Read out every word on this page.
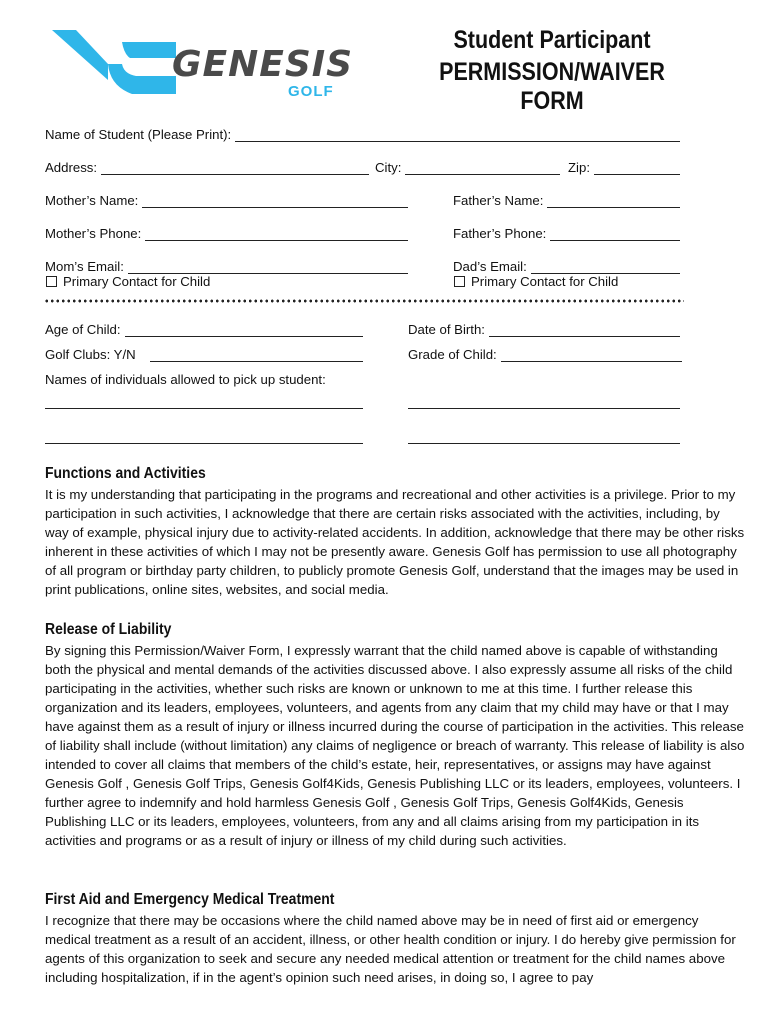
GENESIS
GOLF
Student Participant
PERMISSION/WAIVER FORM
Name of Student (Please Print):
Address:	City:	Zip:
Mother’s Name:	Father’s Name:
Mother’s Phone:	Father’s Phone:
Mom’s Email:	Dad’s Email:
Primary Contact for Child	Primary Contact for Child
Age of Child:	Date of Birth:
Golf Clubs: Y/N	Grade of Child:
Names of individuals allowed to pick up student:
Functions and Activities

It is my understanding that participating in the programs and recreational and other activities is a privilege. Prior to my participation in such activities, I acknowledge that there are certain risks associated with the activities, including, by way of example, physical injury due to activity-related accidents. In addition, acknowledge that there may be other risks inherent in these activities of which I may not be presently aware. Genesis Golf has permission to use all photography of all program or birthday party children, to publicly promote Genesis Golf, understand that the images may be used in print publications, online sites, websites, and social media.

Release of Liability

By signing this Permission/Waiver Form, I expressly warrant that the child named above is capable of withstanding both the physical and mental demands of the activities discussed above. I also expressly assume all risks of the child participating in the activities, whether such risks are known or unknown to me at this time. I further release this organization and its leaders, employees, volunteers, and agents from any claim that my child may have or that I may have against them as a result of injury or illness incurred during the course of participation in the activities. This release of liability shall include (without limitation) any claims of negligence or breach of warranty. This release of liability is also intended to cover all claims that members of the child’s estate, heir, representatives, or assigns may have against Genesis Golf , Genesis Golf Trips, Genesis Golf4Kids, Genesis Publishing LLC or its leaders, employees, volunteers. I further agree to indemnify and hold harmless Genesis Golf , Genesis Golf Trips, Genesis Golf4Kids, Genesis Publishing LLC or its leaders, employees, volunteers, from any and all claims arising from my participation in its activities and programs or as a result of injury or illness of my child during such activities.

First Aid and Emergency Medical Treatment

I recognize that there may be occasions where the child named above may be in need of first aid or emergency medical treatment as a result of an accident, illness, or other health condition or injury. I do hereby give permission for agents of this organization to seek and secure any needed medical attention or treatment for the child names above including hospitalization, if in the agent’s opinion such need arises, in doing so, I agree to pay
